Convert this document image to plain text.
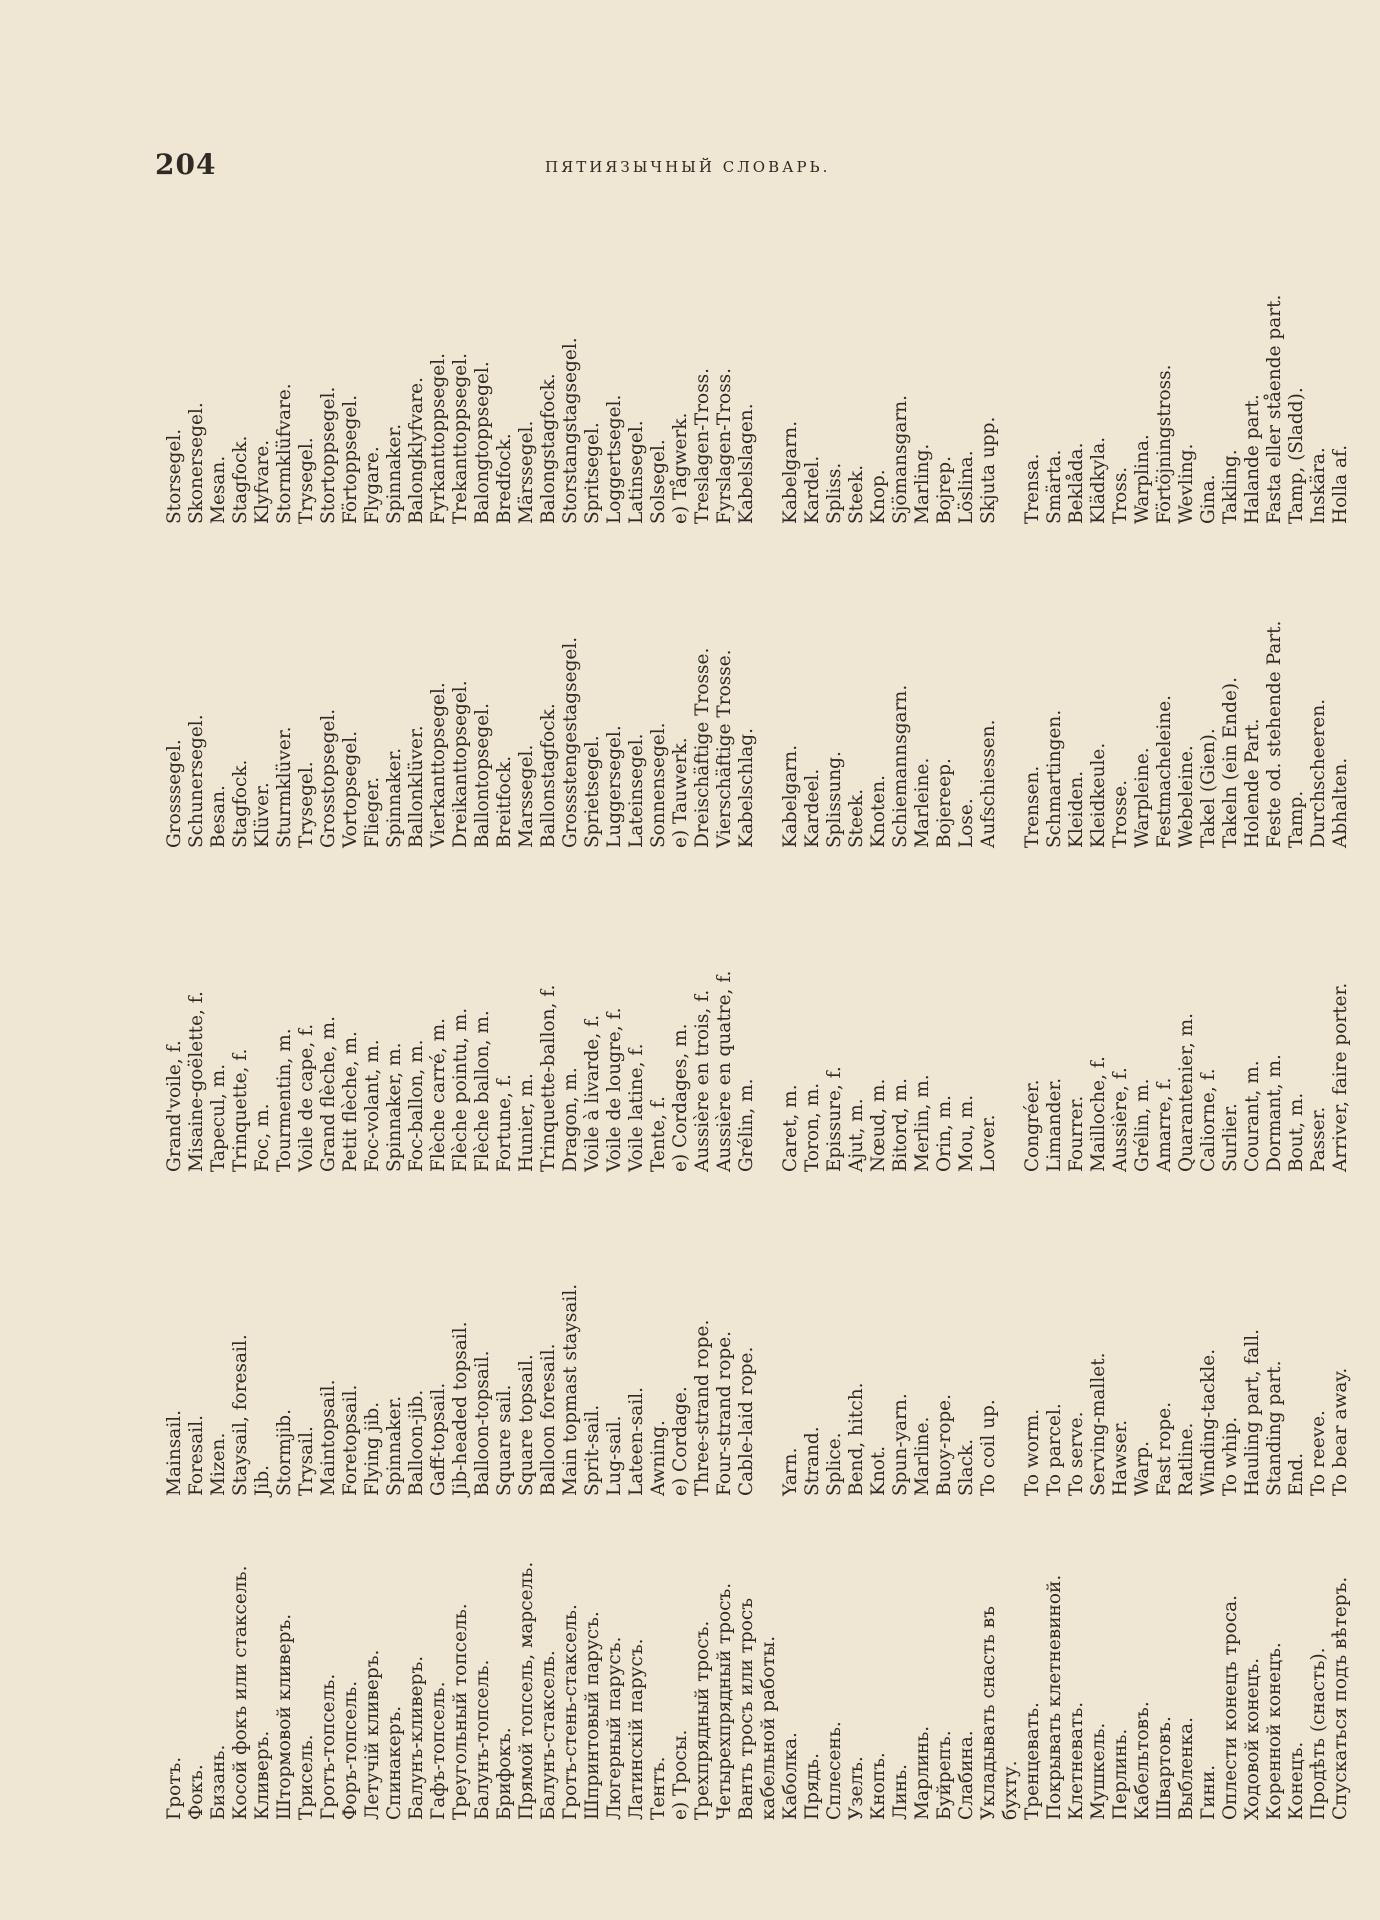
204	ПЯТИЯЗЫЧНЫЙ СЛОВАРЬ.
Гротъ. Фокъ. Бизань. Косой фокъ или стаксель. Кливеръ. Штормовой кливеръ. Трисель. Гротъ-топсель. Форъ-топсель. Летучій кливеръ. Спинакеръ. Балунъ-кливеръ. Гафъ-топсель. Треугольный топсель. Балунъ-топсель. Брифокъ. Прямой топсель, марсель. Балунъ-стаксель. Гротъ-стень-стаксель. Шпринтовый парусъ. Люгерный парусъ. Латинскій парусъ. Тентъ. e) Тросы. Трехпрядный тросъ. Четырехпрядный тросъ. Ванть тросъ или тросъ кабельной работы. Каболка. Прядь. Сплесень. Узелъ. Кнопъ. Линь. Марлинь. Буйрепъ. Слабина. Укладывать снасть въ бухту. Тренцевать. Покрывать клетневиной. Клетневать. Мушкель. Перлинь. Кабельтовъ. Швартовъ. Выбленка. Гини. Оплести конецъ троса. Ходовой конецъ. Коренной конецъ. Конецъ. Продѣть (снасть). Спускаться подъ вѣтеръ.
Mainsail. Foresail. Mizen. Staysail, foresail. Jib. Stormjib. Trysail. Maintopsail. Foretopsail. Flying jib. Spinnaker. Balloon-jib. Gaff-topsail. Jib-headed topsail. Balloon-topsail. Square sail. Square topsail. Balloon foresail. Main topmast staysail. Sprit-sail. Lug-sail. Lateen-sail. Awning. e) Cordage. Three-strand rope. Four-strand rope. Cable-laid rope. Yarn. Strand. Splice. Bend, hitch. Knot. Spun-yarn. Marline. Buoy-rope. Slack. To coil up. To worm. To parcel. To serve. Serving-mallet. Hawser. Warp. Fast rope. Ratline. Winding-tackle. To whip. Hauling part, fall. Standing part. End. To reeve. To bear away.
Grand'voile, f. Misaine-goëlette, f. Tapecul, m. Trinquette, f. Foc, m. Tourmentin, m. Voile de cape, f. Grand flèche, m. Petit flèche, m. Foc-volant, m. Spinnaker, m. Foc-ballon, m. Flèche carré, m. Flèche pointu, m. Flèche ballon, m. Fortune, f. Hunier, m. Trinquette-ballon, f. Dragon, m. Voile à livarde, f. Voile de lougre, f. Voile latine, f. Tente, f. e) Cordages, m. Aussière en trois, f. Aussière en quatre, f. Grélin, m. Caret, m. Toron, m. Epissure, f. Ajut, m. Nœud, m. Bitord, m. Merlin, m. Orin, m. Mou, m. Lover. Congréer. Limander. Fourrer. Mailloche, f. Aussière, f. Grélin, m. Amarre, f. Quarantenier, m. Caliorne, f. Surlier. Courant, m. Dormant, m. Bout, m. Passer. Arriver, faire porter.
Grosssegel. Schunersegel. Besan. Stagfock. Klüver. Sturmklüver. Trysegel. Grosstopsegel. Vortopsegel. Flieger. Spinnaker. Ballonklüver. Vierkanttopsegel. Dreikanttopsegel. Ballontopsegel. Breitfock. Marssegel. Ballonstagfock. Grossstengestagsegel. Sprietsegel. Luggersegel. Lateinsegel. Sonnensegel. e) Tauwerk. Dreischäftige Trosse. Vierschäftige Trosse. Kabelschlag. Kabelgarn. Kardeel. Splissung. Steek. Knoten. Schiemannsgarn. Marleine. Bojereep. Lose. Aufschiessen. Trensen. Schmartingen. Kleiden. Kleidkeule. Trosse. Warpleine. Festmacheleine. Webeleine. Takel (Gien). Takeln (ein Ende). Holende Part. Feste od. stehende Part. Tamp. Durchscheeren. Abhalten.
Storsegel. Skonersegel. Mesan. Stagfock. Klyfvare. Stormklüfvare. Trysegel. Stortoppsegel. Förtoppsegel. Flygare. Spinnaker. Balongklyfvare. Fyrkanttoppsegel. Trekanttoppsegel. Balongtoppsegel. Bredfock. Märssegel. Balongstagfock. Storstangstagsegel. Spritsegel. Loggertsegel. Latinsegel. Solsegel. e) Tågwerk. Treslagen-Tross. Fyrslagen-Tross. Kabelslagen. Kabelgarn. Kardel. Spliss. Steek. Knop. Sjömansgarn. Marling. Bojrep. Löslina. Skjuta upp. Trensa. Smärta. Beklåda. Klädkyla. Tross. Warplina. Förtöjningstross. Wevling. Gina. Takling. Halande part. Fasta eller stående part. Tamp, (Sladd). Inskära. Holla af.
